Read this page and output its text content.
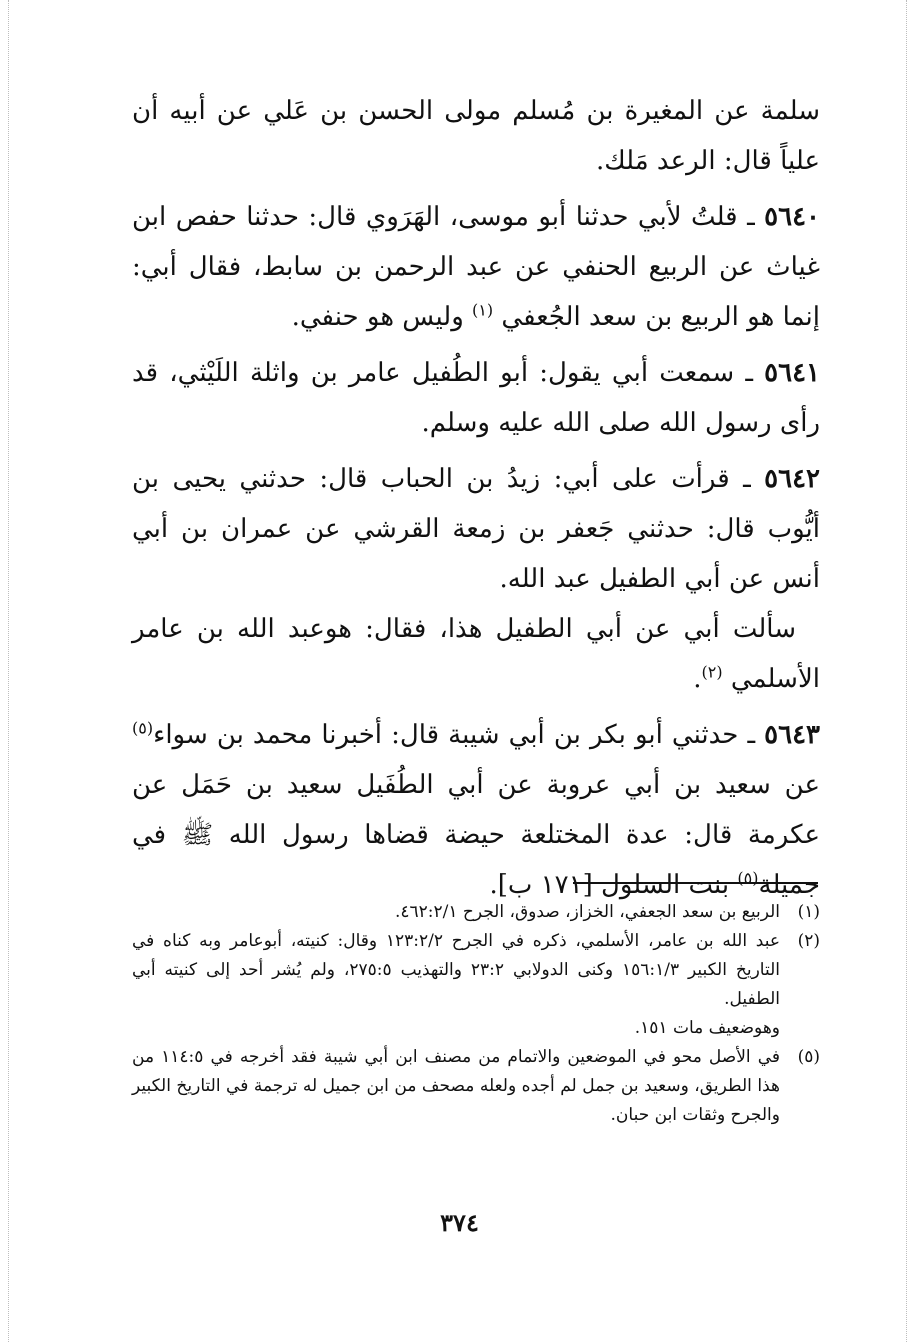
سلمة عن المغيرة بن مُسلم مولى الحسن بن عَلي عن أبيه أن علياً قال: الرعد مَلك.

٥٦٤٠ ـ قلتُ لأبي حدثنا أبو موسى، الهَرَوي قال: حدثنا حفص ابن غياث عن الربيع الحنفي عن عبد الرحمن بن سابط، فقال أبي: إنما هو الربيع بن سعد الجُعفي $^{(١)}$ وليس هو حنفي.

٥٦٤١ ـ سمعت أبي يقول: أبو الطُفيل عامر بن واثلة اللَيْثي، قد رأى رسول الله صلى الله عليه وسلم.

٥٦٤٢ ـ قرأت على أبي: زيدُ بن الحباب قال: حدثني يحيى بن أيُّوب قال: حدثني جَعفر بن زمعة القرشي عن عمران بن أبي أنس عن أبي الطفيل عبد الله.

سألت أبي عن أبي الطفيل هذا، فقال: هوعبد الله بن عامر الأسلمي $^{(٢)}$.

٥٦٤٣ ـ حدثني أبو بكر بن أبي شيبة قال: أخبرنا محمد بن سواء$^{(٥)}$ عن سعيد بن أبي عروبة عن أبي الطُفَيل سعيد بن حَمَل عن عكرمة قال: عدة المختلعة حيضة قضاها رسول الله ﷺ في جميلة$^{(٥)}$ بنت السلول [١٧١ ب].

(١)
الربيع بن سعد الجعفي، الخزاز، صدوق، الجرح ٤٦٢:٢/١.
(٢)
عبد الله بن عامر، الأسلمي، ذكره في الجرح ١٢٣:٢/٢ وقال: كنيته، أبوعامر وبه كناه في التاريخ الكبير ١٥٦:١/٣ وكنى الدولابي ٢٣:٢ والتهذيب ٢٧٥:٥، ولم يُشر أحد إلى كنيته أبي الطفيل.
وهوضعيف مات ١٥١.
(٥)
في الأصل محو في الموضعين والاتمام من مصنف ابن أبي شيبة فقد أخرجه في ١١٤:٥ من هذا الطريق، وسعيد بن جمل لم أجده ولعله مصحف من ابن جميل له ترجمة في التاريخ الكبير والجرح وثقات ابن حبان.
٣٧٤
